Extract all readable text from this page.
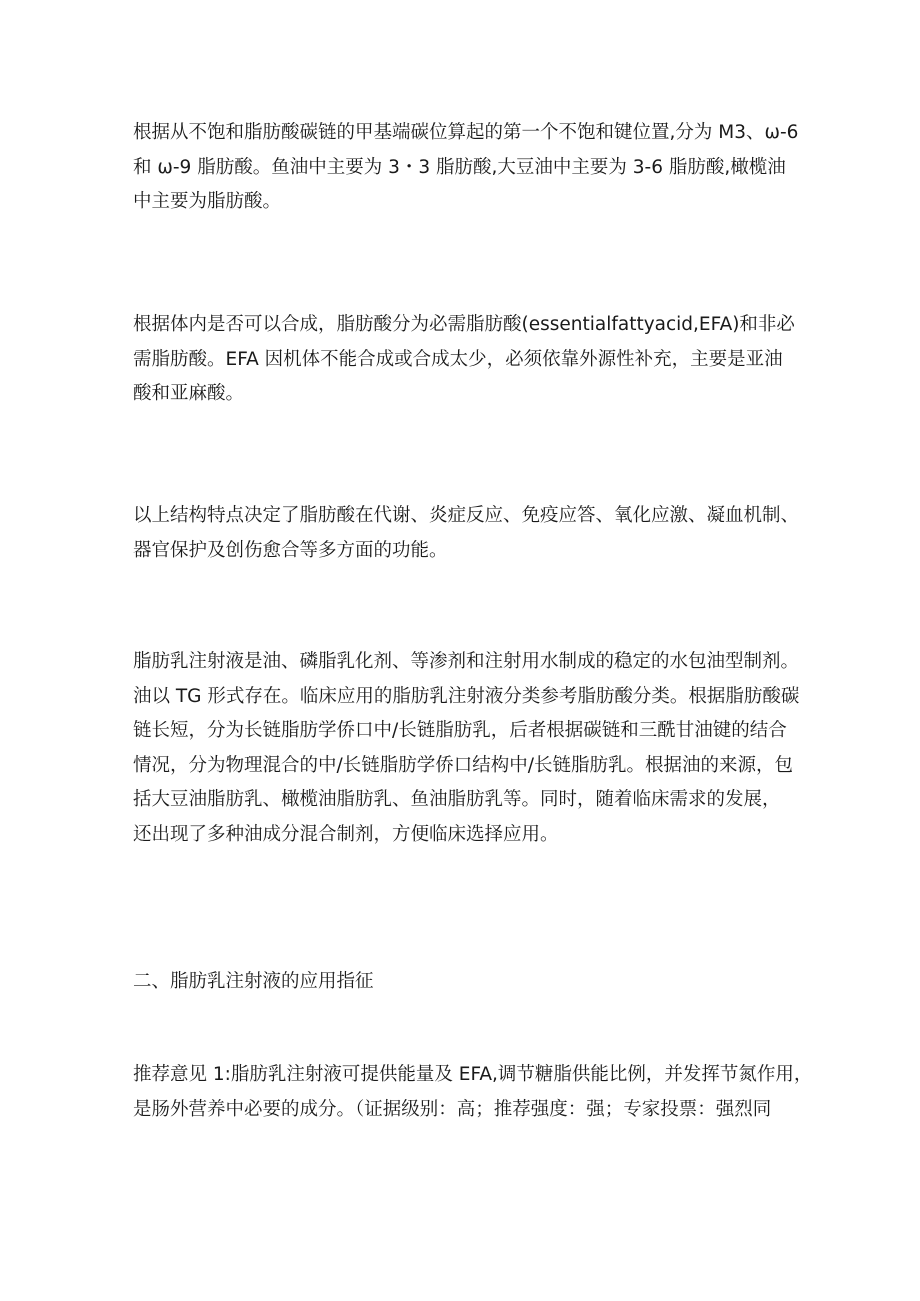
根据从不饱和脂肪酸碳链的甲基端碳位算起的第一个不饱和键位置,分为 M3、ω-6
和 ω-9 脂肪酸。鱼油中主要为 3・3 脂肪酸,大豆油中主要为 3-6 脂肪酸,橄榄油
中主要为脂肪酸。

根据体内是否可以合成，脂肪酸分为必需脂肪酸(essentialfattyacid,EFA)和非必
需脂肪酸。EFA 因机体不能合成或合成太少，必须依靠外源性补充，主要是亚油
酸和亚麻酸。

以上结构特点决定了脂肪酸在代谢、炎症反应、免疫应答、氧化应激、凝血机制、
器官保护及创伤愈合等多方面的功能。

脂肪乳注射液是油、磷脂乳化剂、等渗剂和注射用水制成的稳定的水包油型制剂。
油以 TG 形式存在。临床应用的脂肪乳注射液分类参考脂肪酸分类。根据脂肪酸碳
链长短，分为长链脂肪学侨口中/长链脂肪乳，后者根据碳链和三酰甘油键的结合
情况，分为物理混合的中/长链脂肪学侨口结构中/长链脂肪乳。根据油的来源，包
括大豆油脂肪乳、橄榄油脂肪乳、鱼油脂肪乳等。同时，随着临床需求的发展，
还出现了多种油成分混合制剂，方便临床选择应用。

二、脂肪乳注射液的应用指征

推荐意见 1:脂肪乳注射液可提供能量及 EFA,调节糖脂供能比例，并发挥节氮作用，
是肠外营养中必要的成分。（证据级别：高；推荐强度：强；专家投票：强烈同
